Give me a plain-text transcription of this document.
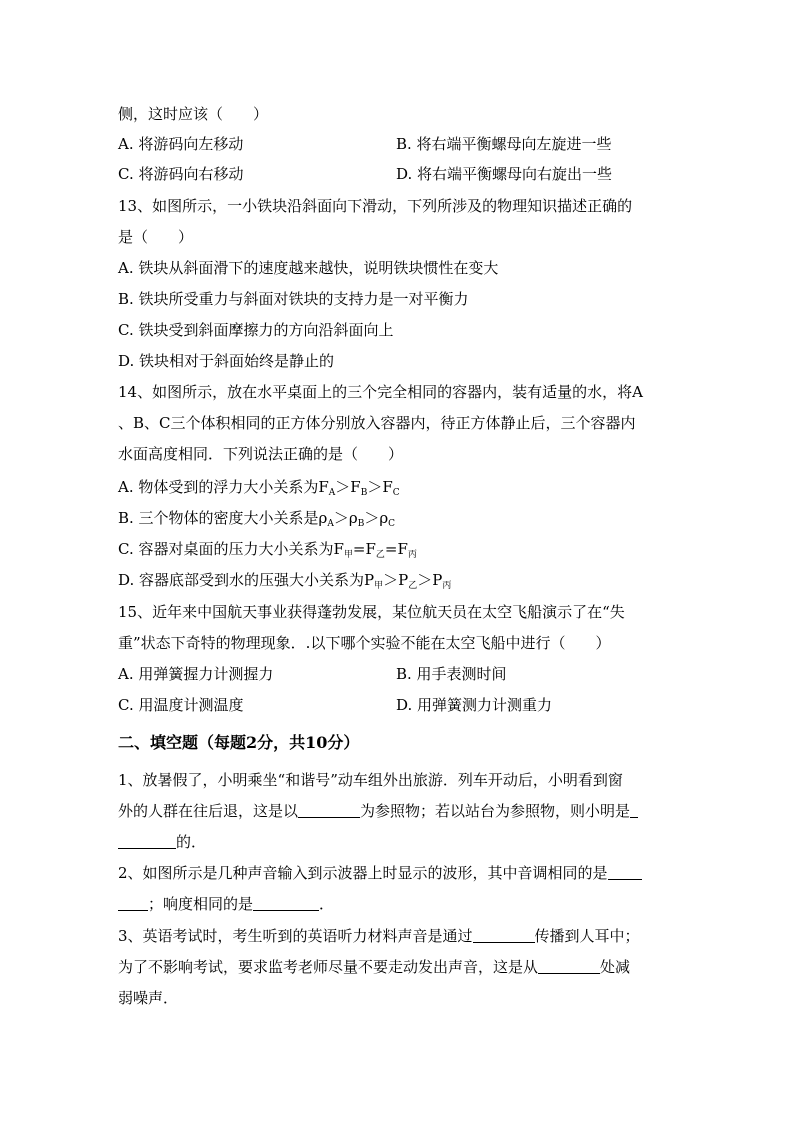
侧，这时应该（　　）
A. 将游码向左移动	B. 将右端平衡螺母向左旋进一些
C. 将游码向右移动	D. 将右端平衡螺母向右旋出一些
13、如图所示，一小铁块沿斜面向下滑动，下列所涉及的物理知识描述正确的
是（　　）
A. 铁块从斜面滑下的速度越来越快，说明铁块惯性在变大
B. 铁块所受重力与斜面对铁块的支持力是一对平衡力
C. 铁块受到斜面摩擦力的方向沿斜面向上
D. 铁块相对于斜面始终是静止的
14、如图所示，放在水平桌面上的三个完全相同的容器内，装有适量的水，将A
、B、C三个体积相同的正方体分别放入容器内，待正方体静止后，三个容器内
水面高度相同．下列说法正确的是（　　）
A. 物体受到的浮力大小关系为$F_A>F_B>F_C$
B. 三个物体的密度大小关系是$\rho_A>\rho_B>\rho_C$
C. 容器对桌面的压力大小关系为$F_甲=F_乙=F_丙$
D. 容器底部受到水的压强大小关系为$P_甲>P_乙>P_丙$
15、近年来中国航天事业获得蓬勃发展，某位航天员在太空飞船演示了在“失
重”状态下奇特的物理现象．.以下哪个实验不能在太空飞船中进行（　　）
A. 用弹簧握力计测握力	B. 用手表测时间
C. 用温度计测温度	D. 用弹簧测力计测重力
二、填空题（每题2分，共10分）
1、放暑假了，小明乘坐“和谐号”动车组外出旅游．列车开动后，小明看到窗
外的人群在往后退，这是以	为参照物；若以站台为参照物，则小明是
的．
2、如图所示是几种声音输入到示波器上时显示的波形，其中音调相同的是
；响度相同的是	．
3、英语考试时，考生听到的英语听力材料声音是通过	传播到人耳中；
为了不影响考试，要求监考老师尽量不要走动发出声音，这是从	处减
弱噪声．
